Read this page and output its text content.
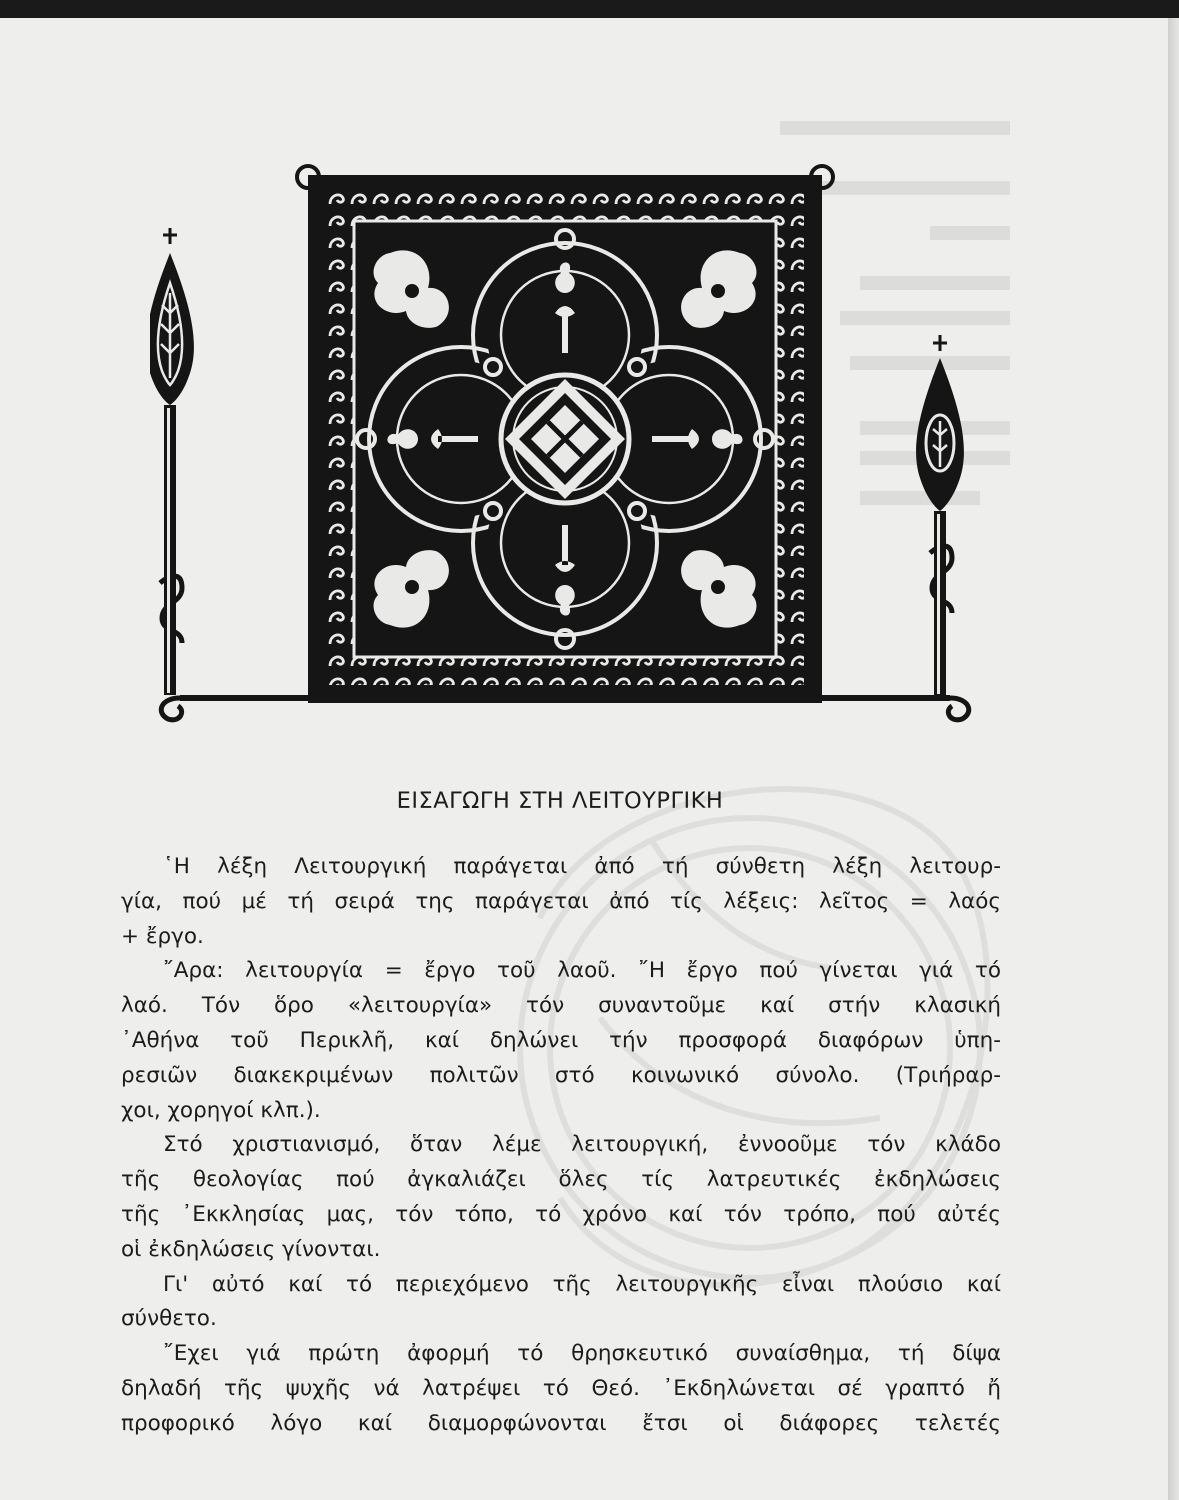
ΕΙΣΑΓΩΓΗ ΣΤΗ ΛΕΙΤΟΥΡΓΙΚΗ
῾Η λέξη Λειτουργική παράγεται ἀπό τή σύνθετη λέξη λειτουρ-
γία, πού μέ τή σειρά της παράγεται ἀπό τίς λέξεις: λεῖτος = λαός
+ ἔργο.
῎Αρα: λειτουργία = ἔργο τοῦ λαοῦ. ῎Η ἔργο πού γίνεται γιά τό
λαό. Τόν ὅρο «λειτουργία» τόν συναντοῦμε καί στήν κλασική
᾿Αθήνα τοῦ Περικλῆ, καί δηλώνει τήν προσφορά διαφόρων ὑπη-
ρεσιῶν διακεκριμένων πολιτῶν στό κοινωνικό σύνολο. (Τριήραρ-
χοι, χορηγοί κλπ.).
Στό χριστιανισμό, ὅταν λέμε λειτουργική, ἐννοοῦμε τόν κλάδο
τῆς θεολογίας πού ἀγκαλιάζει ὅλες τίς λατρευτικές ἐκδηλώσεις
τῆς ᾿Εκκλησίας μας, τόν τόπο, τό χρόνο καί τόν τρόπο, πού αὐτές
οἱ ἐκδηλώσεις γίνονται.
Γι' αὐτό καί τό περιεχόμενο τῆς λειτουργικῆς εἶναι πλούσιο καί
σύνθετο.
῎Εχει γιά πρώτη ἀφορμή τό θρησκευτικό συναίσθημα, τή δίψα
δηλαδή τῆς ψυχῆς νά λατρέψει τό Θεό. ᾿Εκδηλώνεται σέ γραπτό ἤ
προφορικό λόγο καί διαμορφώνονται ἔτσι οἱ διάφορες τελετές
